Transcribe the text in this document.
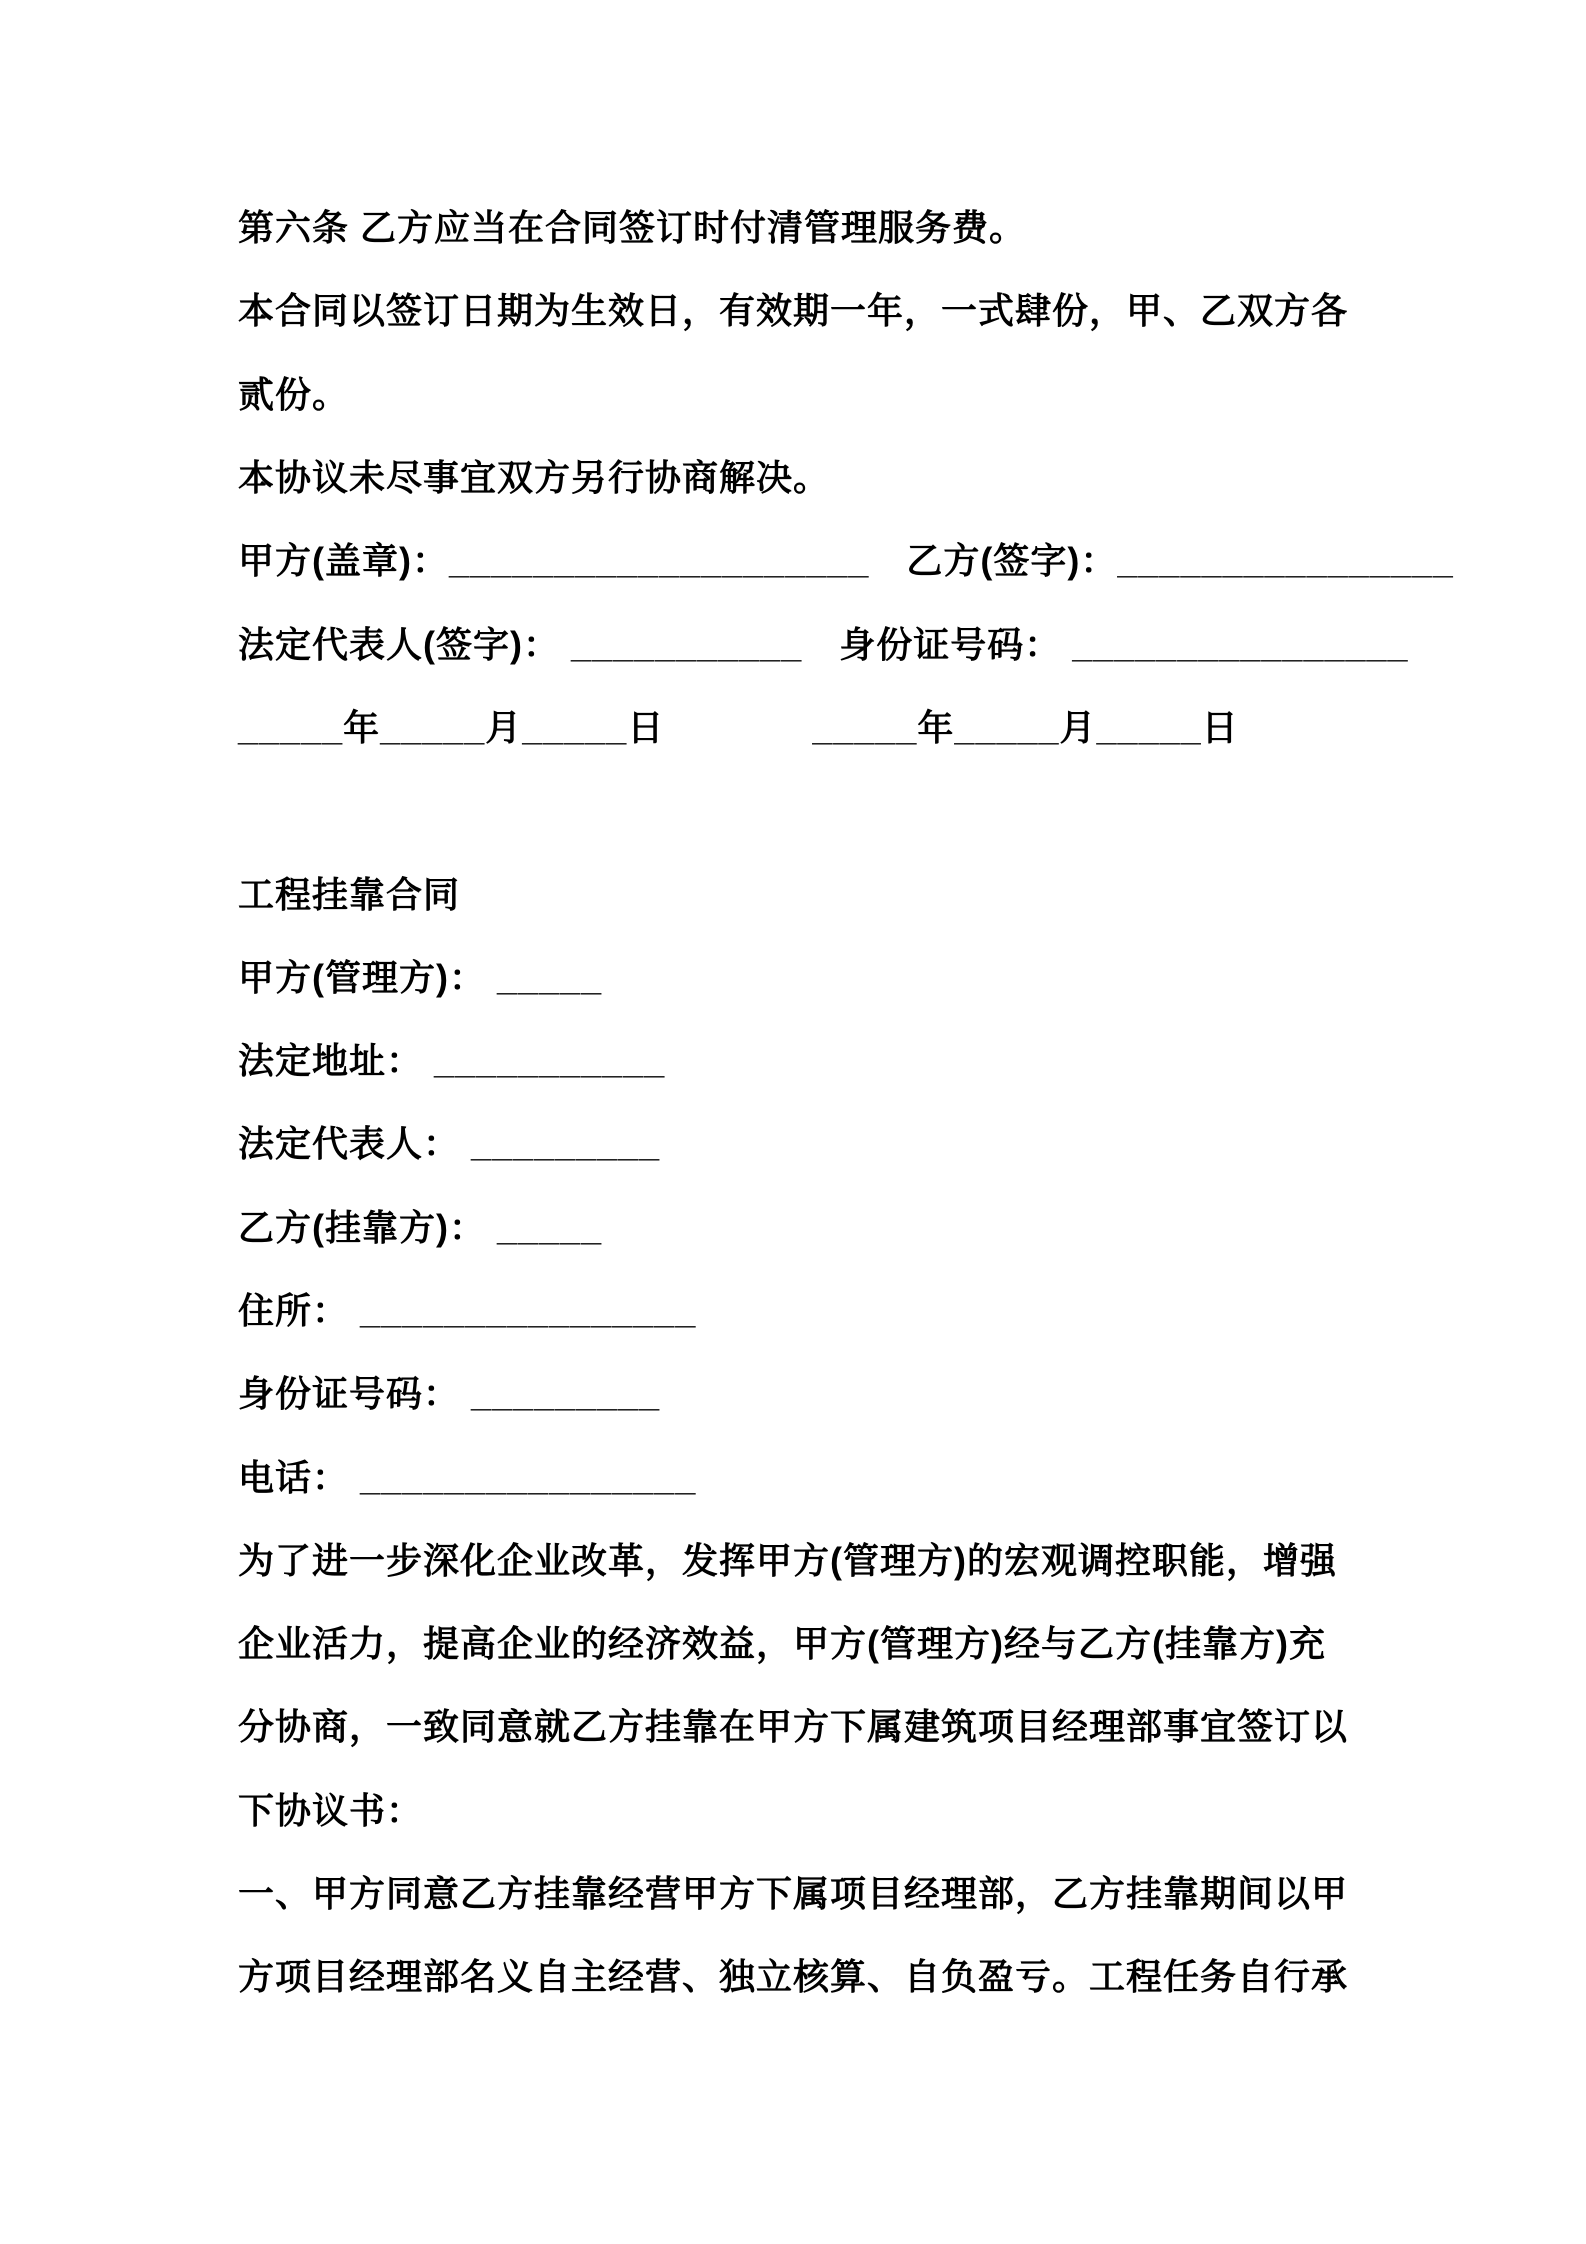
第六条 乙方应当在合同签订时付清管理服务费。
本合同以签订日期为生效日，有效期一年，一式肆份，甲、乙双方各
贰份。
本协议未尽事宜双方另行协商解决。
甲方(盖章)：____________________　乙方(签字)：________________
法定代表人(签字)： ___________　身份证号码： ________________
_____年_____月_____日　　　　_____年_____月_____日
工程挂靠合同
甲方(管理方)： _____
法定地址： ___________
法定代表人： _________
乙方(挂靠方)： _____
住所： ________________
身份证号码： _________
电话： ________________
为了进一步深化企业改革，发挥甲方(管理方)的宏观调控职能，增强
企业活力，提高企业的经济效益，甲方(管理方)经与乙方(挂靠方)充
分协商，一致同意就乙方挂靠在甲方下属建筑项目经理部事宜签订以
下协议书：
一、甲方同意乙方挂靠经营甲方下属项目经理部，乙方挂靠期间以甲
方项目经理部名义自主经营、独立核算、自负盈亏。工程任务自行承
